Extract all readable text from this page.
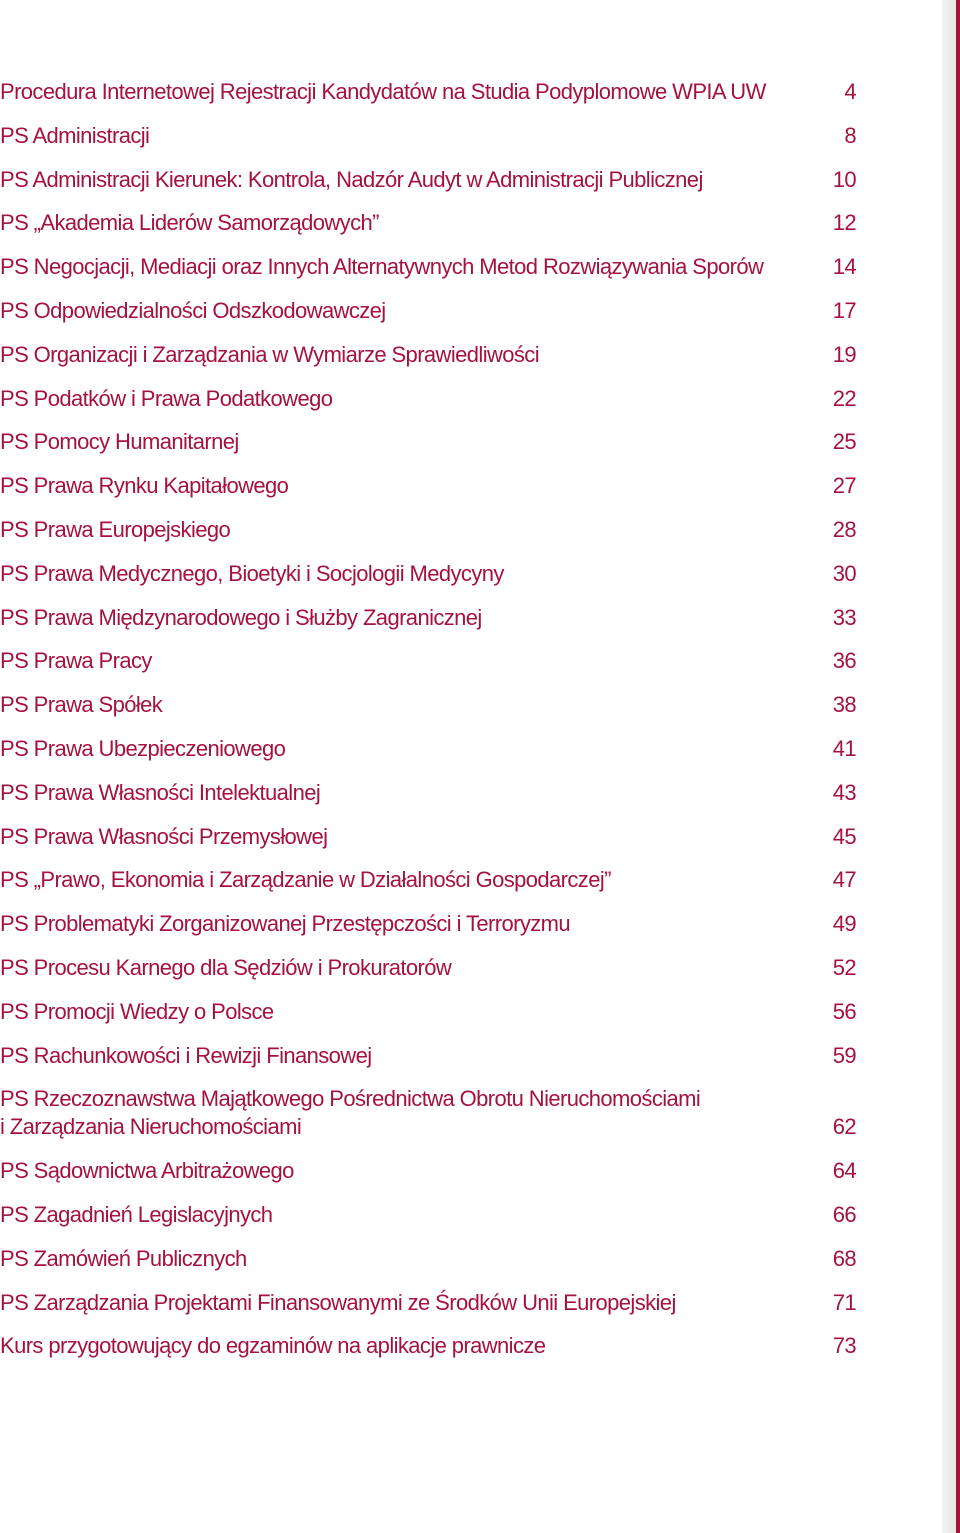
Procedura Internetowej Rejestracji Kandydatów na Studia Podyplomowe WPIA UW	4
PS Administracji	8
PS Administracji Kierunek: Kontrola, Nadzór Audyt w Administracji Publicznej	10
PS „Akademia Liderów Samorządowych”	12
PS Negocjacji, Mediacji oraz Innych Alternatywnych Metod Rozwiązywania Sporów	14
PS Odpowiedzialności Odszkodowawczej	17
PS Organizacji i Zarządzania w Wymiarze Sprawiedliwości	19
PS Podatków i Prawa Podatkowego	22
PS Pomocy Humanitarnej	25
PS Prawa Rynku Kapitałowego	27
PS Prawa Europejskiego	28
PS Prawa Medycznego, Bioetyki i Socjologii Medycyny	30
PS Prawa Międzynarodowego i Służby Zagranicznej	33
PS Prawa Pracy	36
PS Prawa Spółek	38
PS Prawa Ubezpieczeniowego	41
PS Prawa Własności Intelektualnej	43
PS Prawa Własności Przemysłowej	45
PS „Prawo, Ekonomia i Zarządzanie w Działalności Gospodarczej”	47
PS Problematyki Zorganizowanej Przestępczości i Terroryzmu	49
PS Procesu Karnego dla Sędziów i Prokuratorów	52
PS Promocji Wiedzy o Polsce	56
PS Rachunkowości i Rewizji Finansowej	59
PS Rzeczoznawstwa Majątkowego Pośrednictwa Obrotu Nieruchomościami
i Zarządzania Nieruchomościami	62
PS Sądownictwa Arbitrażowego	64
PS Zagadnień Legislacyjnych	66
PS Zamówień Publicznych	68
PS Zarządzania Projektami Finansowanymi ze Środków Unii Europejskiej	71
Kurs przygotowujący do egzaminów na aplikacje prawnicze	73
